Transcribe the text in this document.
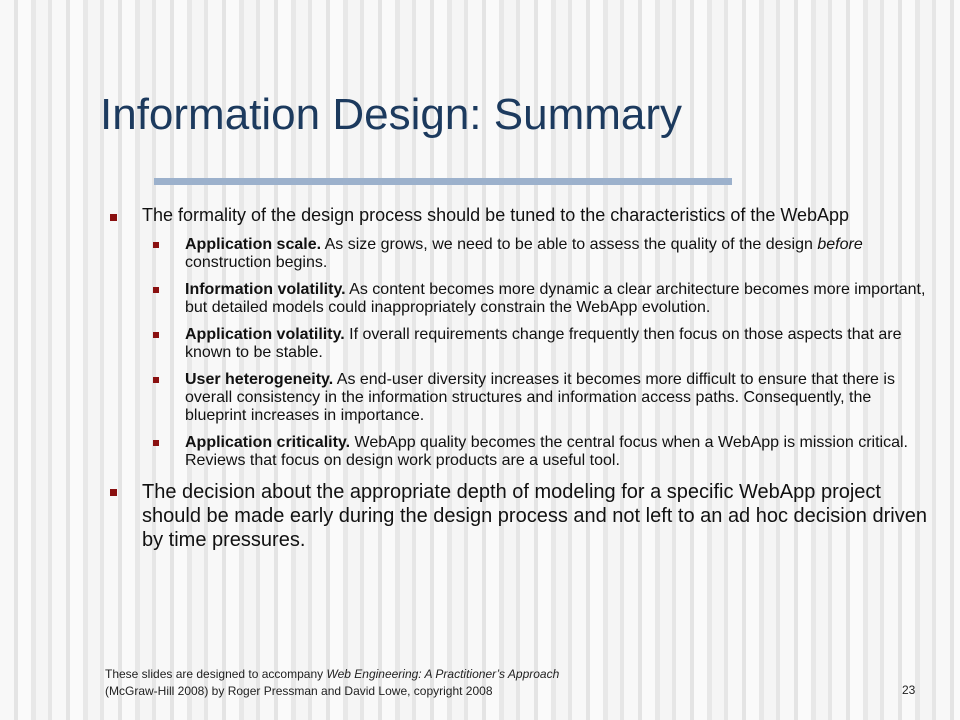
Information Design: Summary
The formality of the design process should be tuned to the characteristics of the WebApp
Application scale. As size grows, we need to be able to assess the quality of the design before construction begins.
Information volatility. As content becomes more dynamic a clear architecture becomes more important, but detailed models could inappropriately constrain the WebApp evolution.
Application volatility. If overall requirements change frequently then focus on those aspects that are known to be stable.
User heterogeneity. As end-user diversity increases it becomes more difficult to ensure that there is overall consistency in the information structures and information access paths. Consequently, the blueprint increases in importance.
Application criticality. WebApp quality becomes the central focus when a WebApp is mission critical. Reviews that focus on design work products are a useful tool.
The decision about the appropriate depth of modeling for a specific WebApp project should be made early during the design process and not left to an ad hoc decision driven by time pressures.
These slides are designed to accompany Web Engineering: A Practitioner’s Approach
(McGraw-Hill 2008) by Roger Pressman and David Lowe, copyright 2008	23
